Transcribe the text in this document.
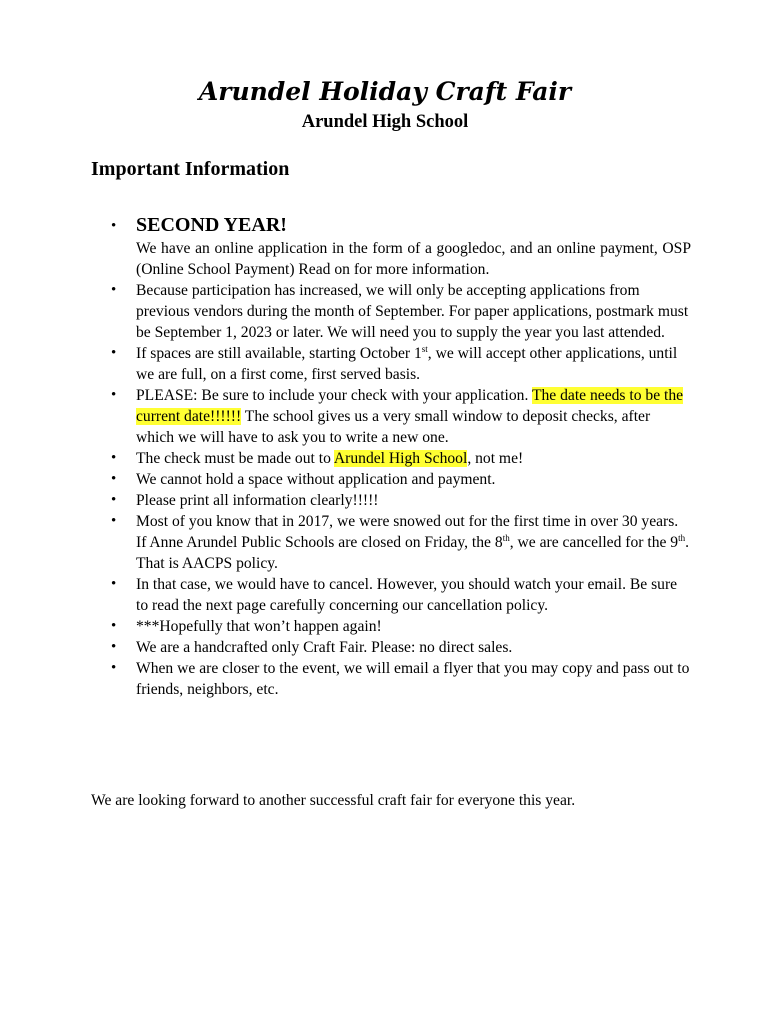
Arundel Holiday Craft Fair
Arundel High School
Important Information
• SECOND YEAR!
We have an online application in the form of a googledoc, and an online payment, OSP (Online School Payment) Read on for more information.
• Because participation has increased, we will only be accepting applications from previous vendors during the month of September. For paper applications, postmark must be September 1, 2023 or later. We will need you to supply the year you last attended.
• If spaces are still available, starting October 1st, we will accept other applications, until we are full, on a first come, first served basis.
• PLEASE: Be sure to include your check with your application. The date needs to be the current date!!!!!! The school gives us a very small window to deposit checks, after which we will have to ask you to write a new one.
• The check must be made out to Arundel High School, not me!
• We cannot hold a space without application and payment.
• Please print all information clearly!!!!!
• Most of you know that in 2017, we were snowed out for the first time in over 30 years. If Anne Arundel Public Schools are closed on Friday, the 8th, we are cancelled for the 9th. That is AACPS policy.
• In that case, we would have to cancel. However, you should watch your email. Be sure to read the next page carefully concerning our cancellation policy.
• ***Hopefully that won’t happen again!
• We are a handcrafted only Craft Fair. Please: no direct sales.
• When we are closer to the event, we will email a flyer that you may copy and pass out to friends, neighbors, etc.

We are looking forward to another successful craft fair for everyone this year.
